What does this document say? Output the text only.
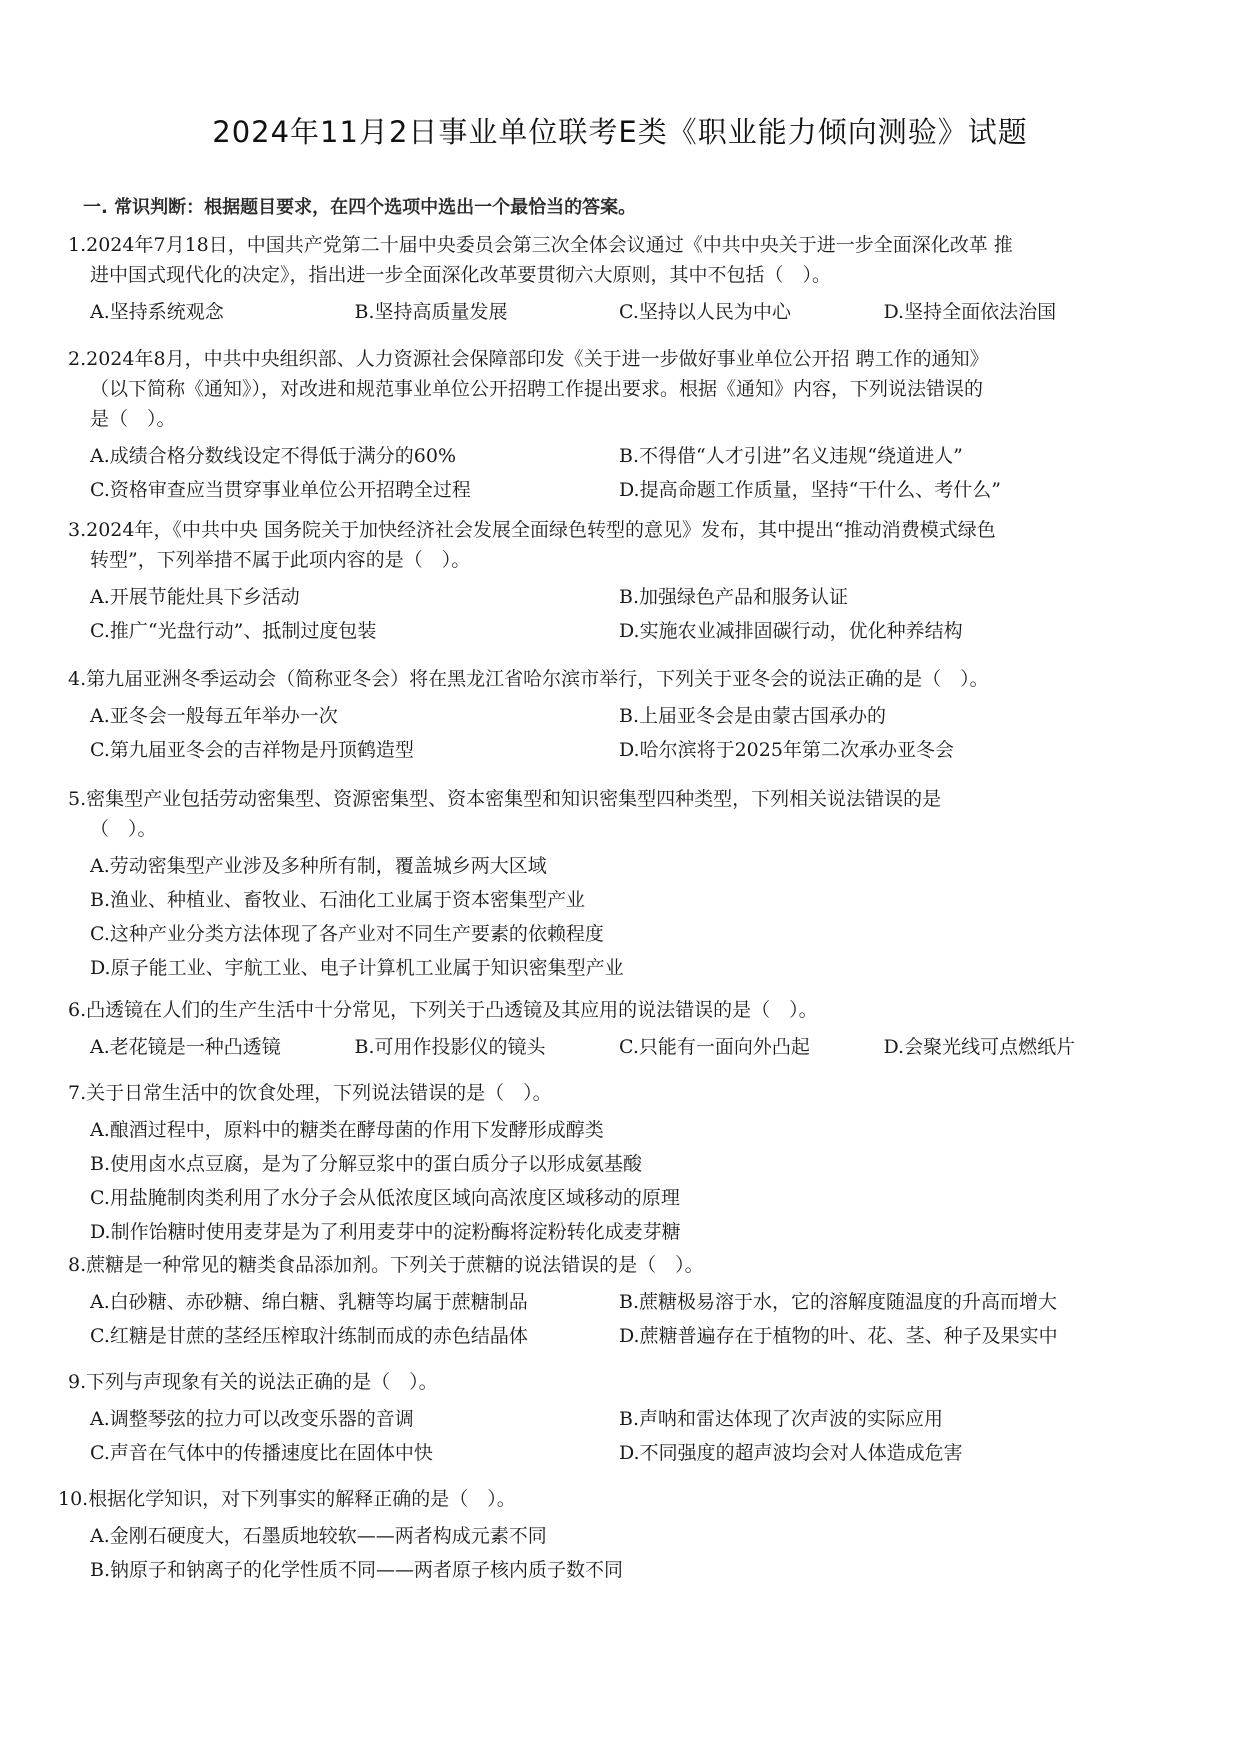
2024年11月2日事业单位联考E类《职业能力倾向测验》试题
一. 常识判断：根据题目要求，在四个选项中选出一个最恰当的答案。
1.2024年7月18日，中国共产党第二十届中央委员会第三次全体会议通过《中共中央关于进一步全面深化改革 推
进中国式现代化的决定》，指出进一步全面深化改革要贯彻六大原则，其中不包括（　）。
A.坚持系统观念	B.坚持高质量发展	C.坚持以人民为中心	D.坚持全面依法治国
2.2024年8月，中共中央组织部、人力资源社会保障部印发《关于进一步做好事业单位公开招 聘工作的通知》
（以下简称《通知》），对改进和规范事业单位公开招聘工作提出要求。根据《通知》内容，下列说法错误的
是（　）。
A.成绩合格分数线设定不得低于满分的60%	B.不得借“人才引进”名义违规“绕道进人”
C.资格审查应当贯穿事业单位公开招聘全过程	D.提高命题工作质量，坚持“干什么、考什么”
3.2024年，《中共中央 国务院关于加快经济社会发展全面绿色转型的意见》发布，其中提出“推动消费模式绿色
转型”，下列举措不属于此项内容的是（　）。
A.开展节能灶具下乡活动	B.加强绿色产品和服务认证
C.推广“光盘行动”、抵制过度包装	D.实施农业减排固碳行动，优化种养结构
4.第九届亚洲冬季运动会（简称亚冬会）将在黑龙江省哈尔滨市举行，下列关于亚冬会的说法正确的是（　）。
A.亚冬会一般每五年举办一次	B.上届亚冬会是由蒙古国承办的
C.第九届亚冬会的吉祥物是丹顶鹤造型	D.哈尔滨将于2025年第二次承办亚冬会
5.密集型产业包括劳动密集型、资源密集型、资本密集型和知识密集型四种类型，下列相关说法错误的是
（　）。
A.劳动密集型产业涉及多种所有制，覆盖城乡两大区域
B.渔业、种植业、畜牧业、石油化工业属于资本密集型产业
C.这种产业分类方法体现了各产业对不同生产要素的依赖程度
D.原子能工业、宇航工业、电子计算机工业属于知识密集型产业
6.凸透镜在人们的生产生活中十分常见，下列关于凸透镜及其应用的说法错误的是（　）。
A.老花镜是一种凸透镜	B.可用作投影仪的镜头	C.只能有一面向外凸起	D.会聚光线可点燃纸片
7.关于日常生活中的饮食处理，下列说法错误的是（　）。
A.酿酒过程中，原料中的糖类在酵母菌的作用下发酵形成醇类
B.使用卤水点豆腐，是为了分解豆浆中的蛋白质分子以形成氨基酸
C.用盐腌制肉类利用了水分子会从低浓度区域向高浓度区域移动的原理
D.制作饴糖时使用麦芽是为了利用麦芽中的淀粉酶将淀粉转化成麦芽糖
8.蔗糖是一种常见的糖类食品添加剂。下列关于蔗糖的说法错误的是（　）。
A.白砂糖、赤砂糖、绵白糖、乳糖等均属于蔗糖制品	B.蔗糖极易溶于水，它的溶解度随温度的升高而增大
C.红糖是甘蔗的茎经压榨取汁练制而成的赤色结晶体	D.蔗糖普遍存在于植物的叶、花、茎、种子及果实中
9.下列与声现象有关的说法正确的是（　）。
A.调整琴弦的拉力可以改变乐器的音调	B.声呐和雷达体现了次声波的实际应用
C.声音在气体中的传播速度比在固体中快	D.不同强度的超声波均会对人体造成危害
10.根据化学知识，对下列事实的解释正确的是（　）。
A.金刚石硬度大，石墨质地较软——两者构成元素不同
B.钠原子和钠离子的化学性质不同——两者原子核内质子数不同
